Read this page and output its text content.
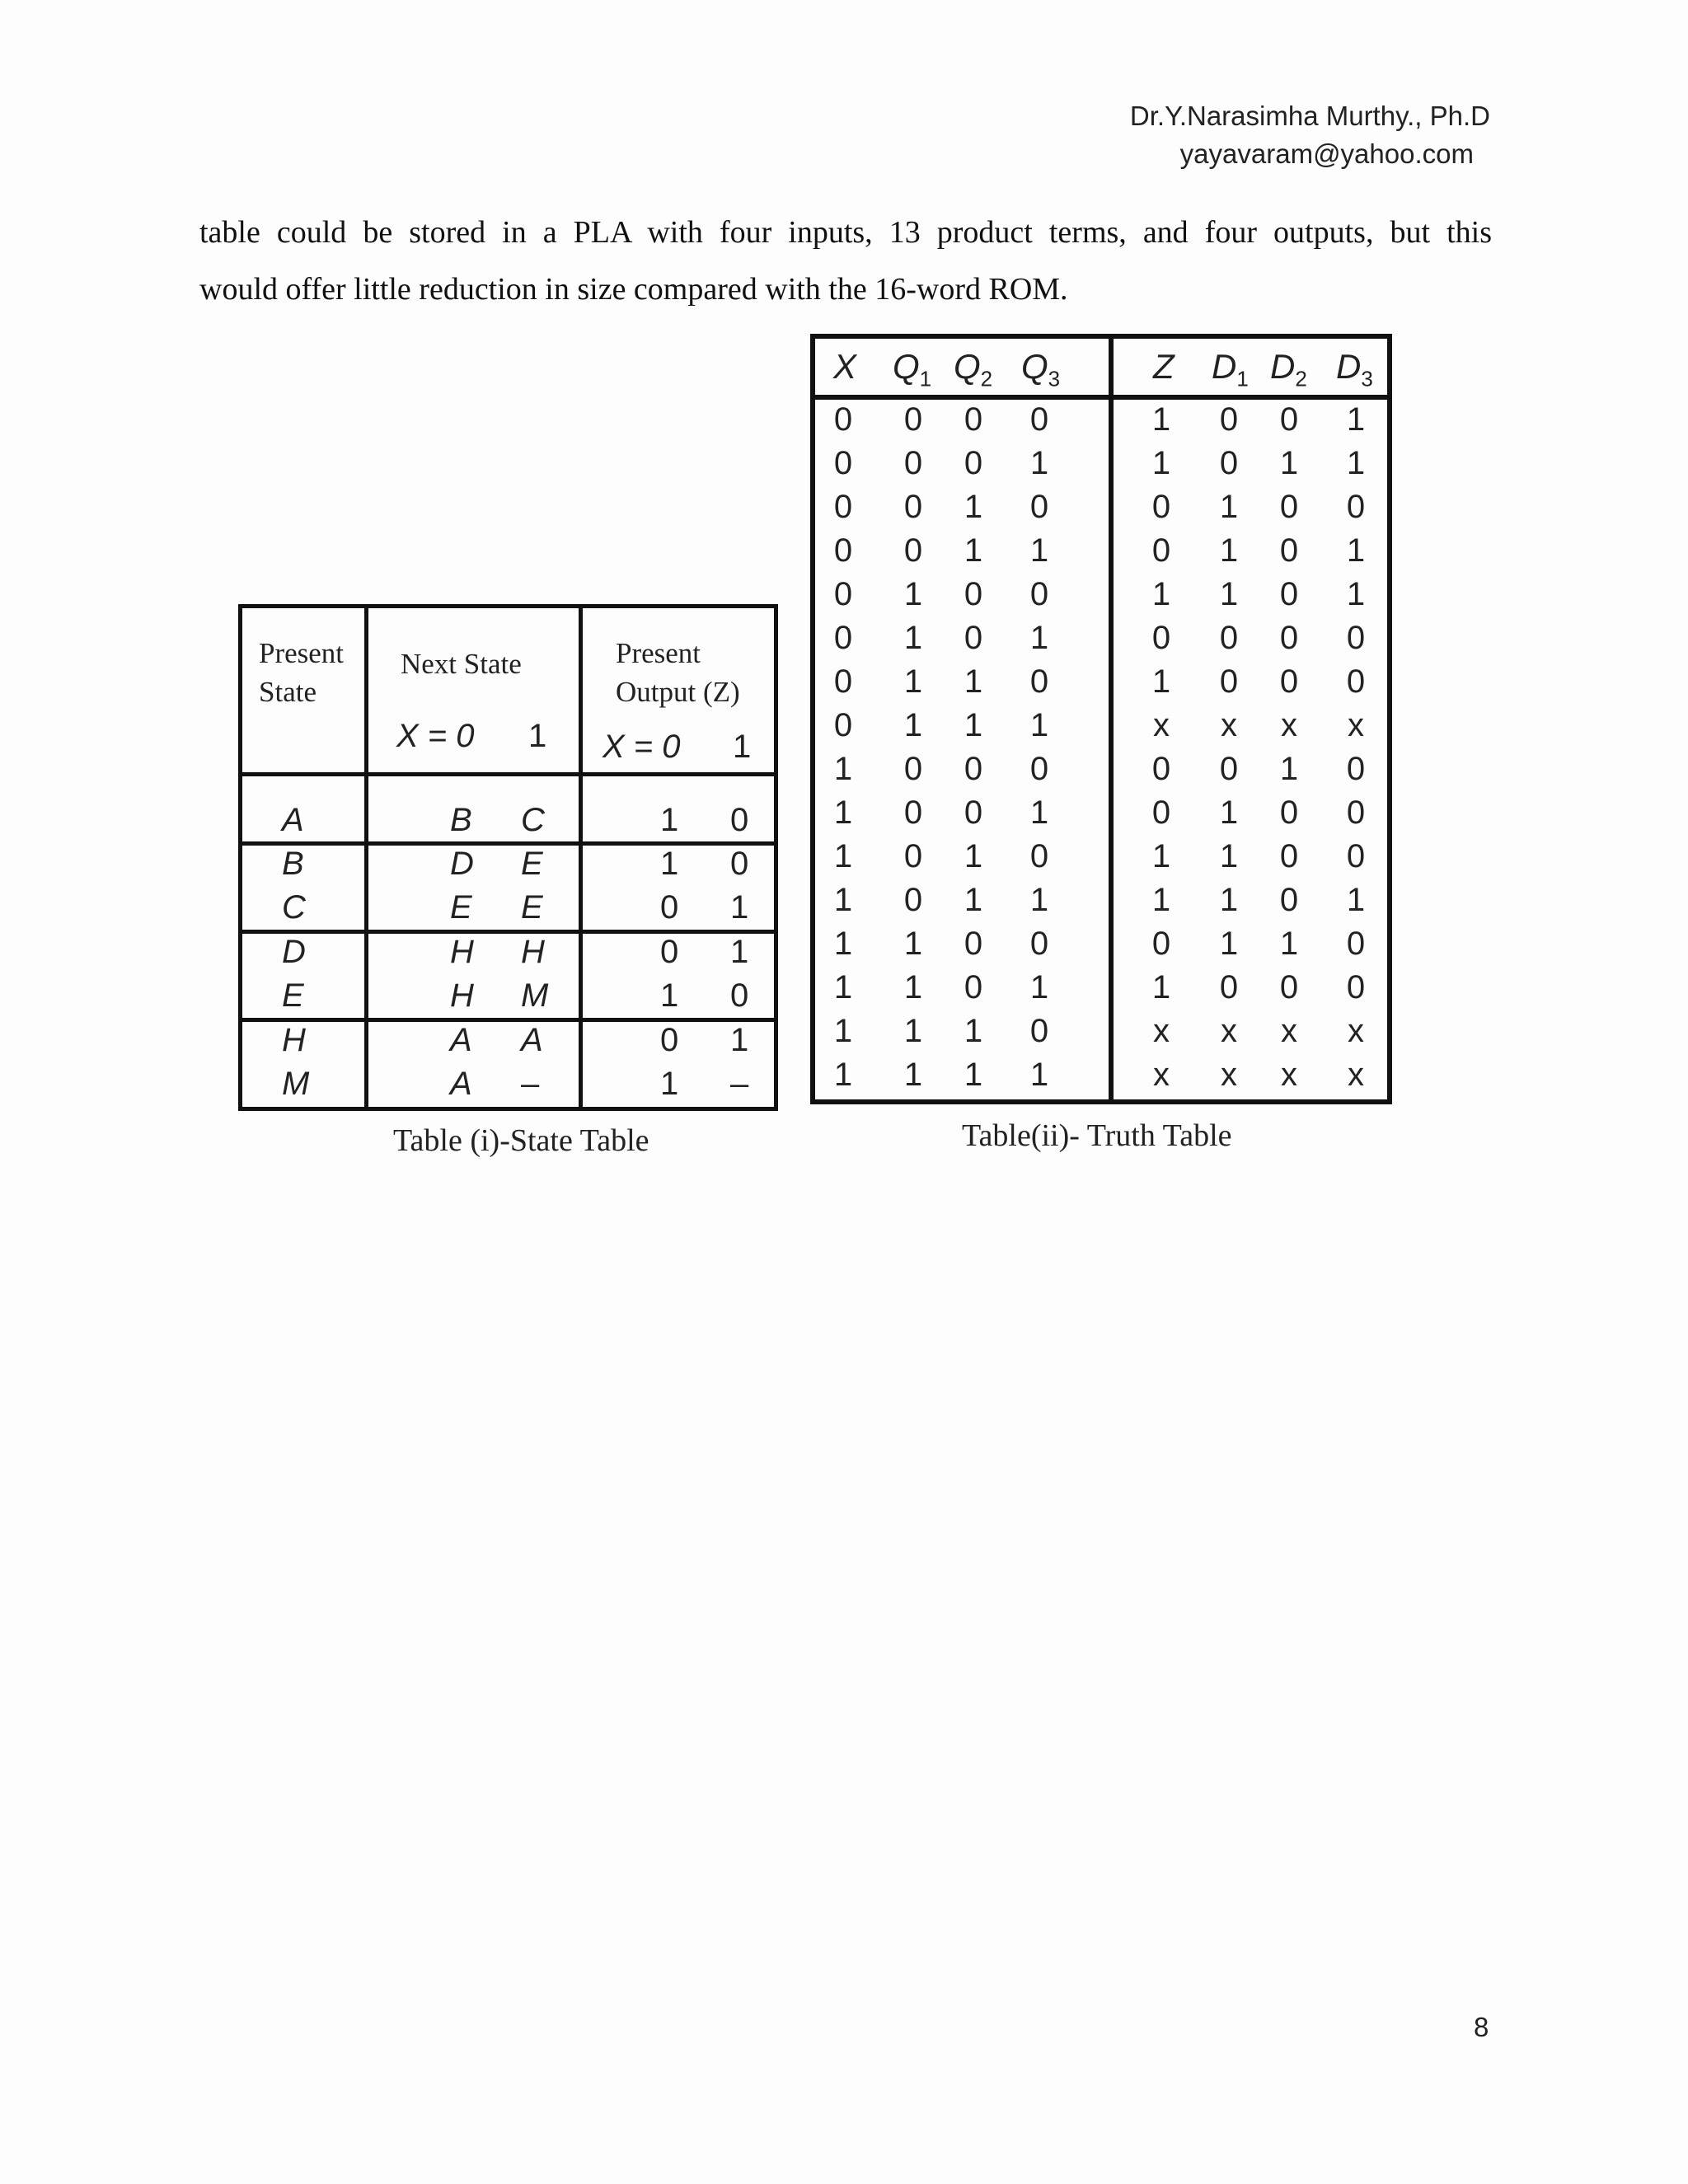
Dr.Y.Narasimha Murthy., Ph.D
yayavaram@yahoo.com
table could be stored in a PLA with four inputs, 13 product terms, and four outputs, but this
would offer little reduction in size compared with the 16-word ROM.
Present
State
Next State
X = 0 1
Present
Output (Z)
X = 0 1
A	B C	1 0
B	D E	1 0
C	E E	0 1
D	H H	0 1
E	H M	1 0
H	A A	0 1
M	A –	1 –
Table (i)-State Table
X $Q_1$ $Q_2$ $Q_3$	Z $D_1$ $D_2$ $D_3$
0 0 0 0	1 0 0 1
0 0 0 1	1 0 1 1
0 0 1 0	0 1 0 0
0 0 1 1	0 1 0 1
0 1 0 0	1 1 0 1
0 1 0 1	0 0 0 0
0 1 1 0	1 0 0 0
0 1 1 1	x x x x
1 0 0 0	0 0 1 0
1 0 0 1	0 1 0 0
1 0 1 0	1 1 0 0
1 0 1 1	1 1 0 1
1 1 0 0	0 1 1 0
1 1 0 1	1 0 0 0
1 1 1 0	x x x x
1 1 1 1	x x x x
Table(ii)- Truth Table
8
